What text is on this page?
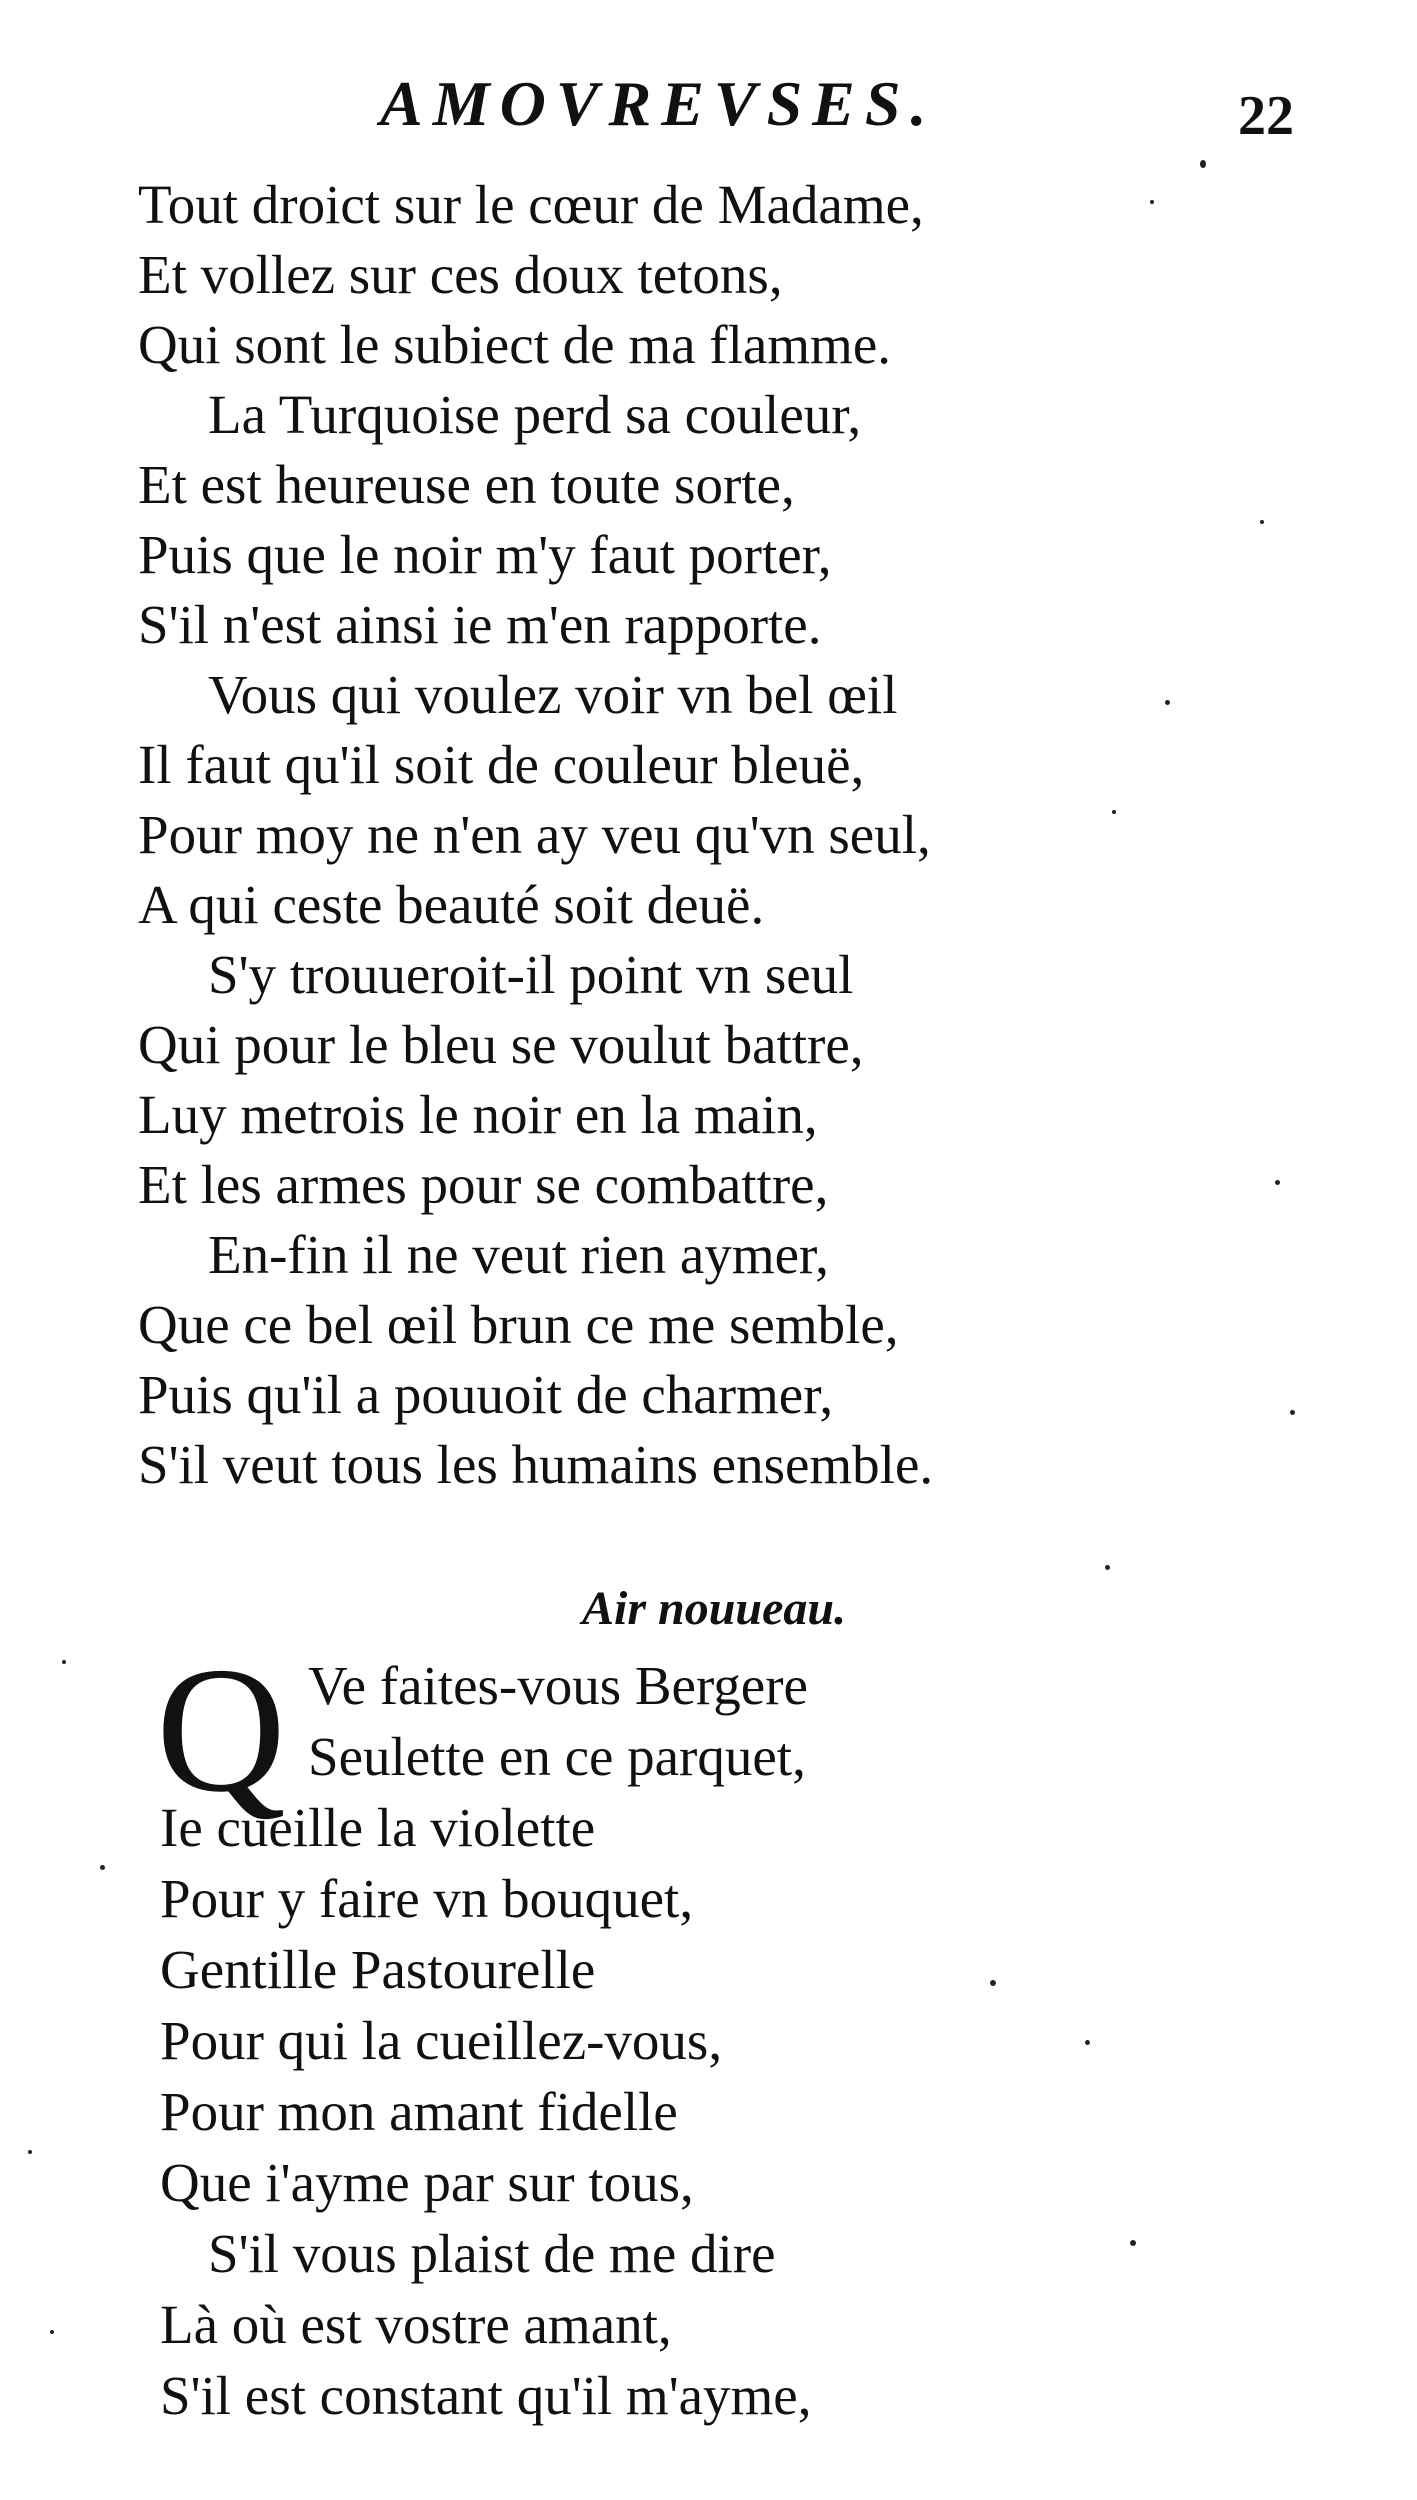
AMOVREVSES.	22
Tout droict sur le cœur de Madame,
Et vollez sur ces doux tetons,
Qui sont le subiect de ma flamme.
La Turquoise perd sa couleur,
Et est heureuse en toute sorte,
Puis que le noir m'y faut porter,
S'il n'est ainsi ie m'en rapporte.
Vous qui voulez voir vn bel œil
Il faut qu'il soit de couleur bleuë,
Pour moy ne n'en ay veu qu'vn seul,
A qui ceste beauté soit deuë.
S'y trouueroit-il point vn seul
Qui pour le bleu se voulut battre,
Luy metrois le noir en la main,
Et les armes pour se combattre,
En-fin il ne veut rien aymer,
Que ce bel œil brun ce me semble,
Puis qu'il a pouuoit de charmer,
S'il veut tous les humains ensemble.
Air nouueau.
Q Ve faites-vous Bergere
Seulette en ce parquet,
Ie cueille la violette
Pour y faire vn bouquet,
Gentille Pastourelle
Pour qui la cueillez-vous,
Pour mon amant fidelle
Que i'ayme par sur tous,
S'il vous plaist de me dire
Là où est vostre amant,
S'il est constant qu'il m'ayme,
